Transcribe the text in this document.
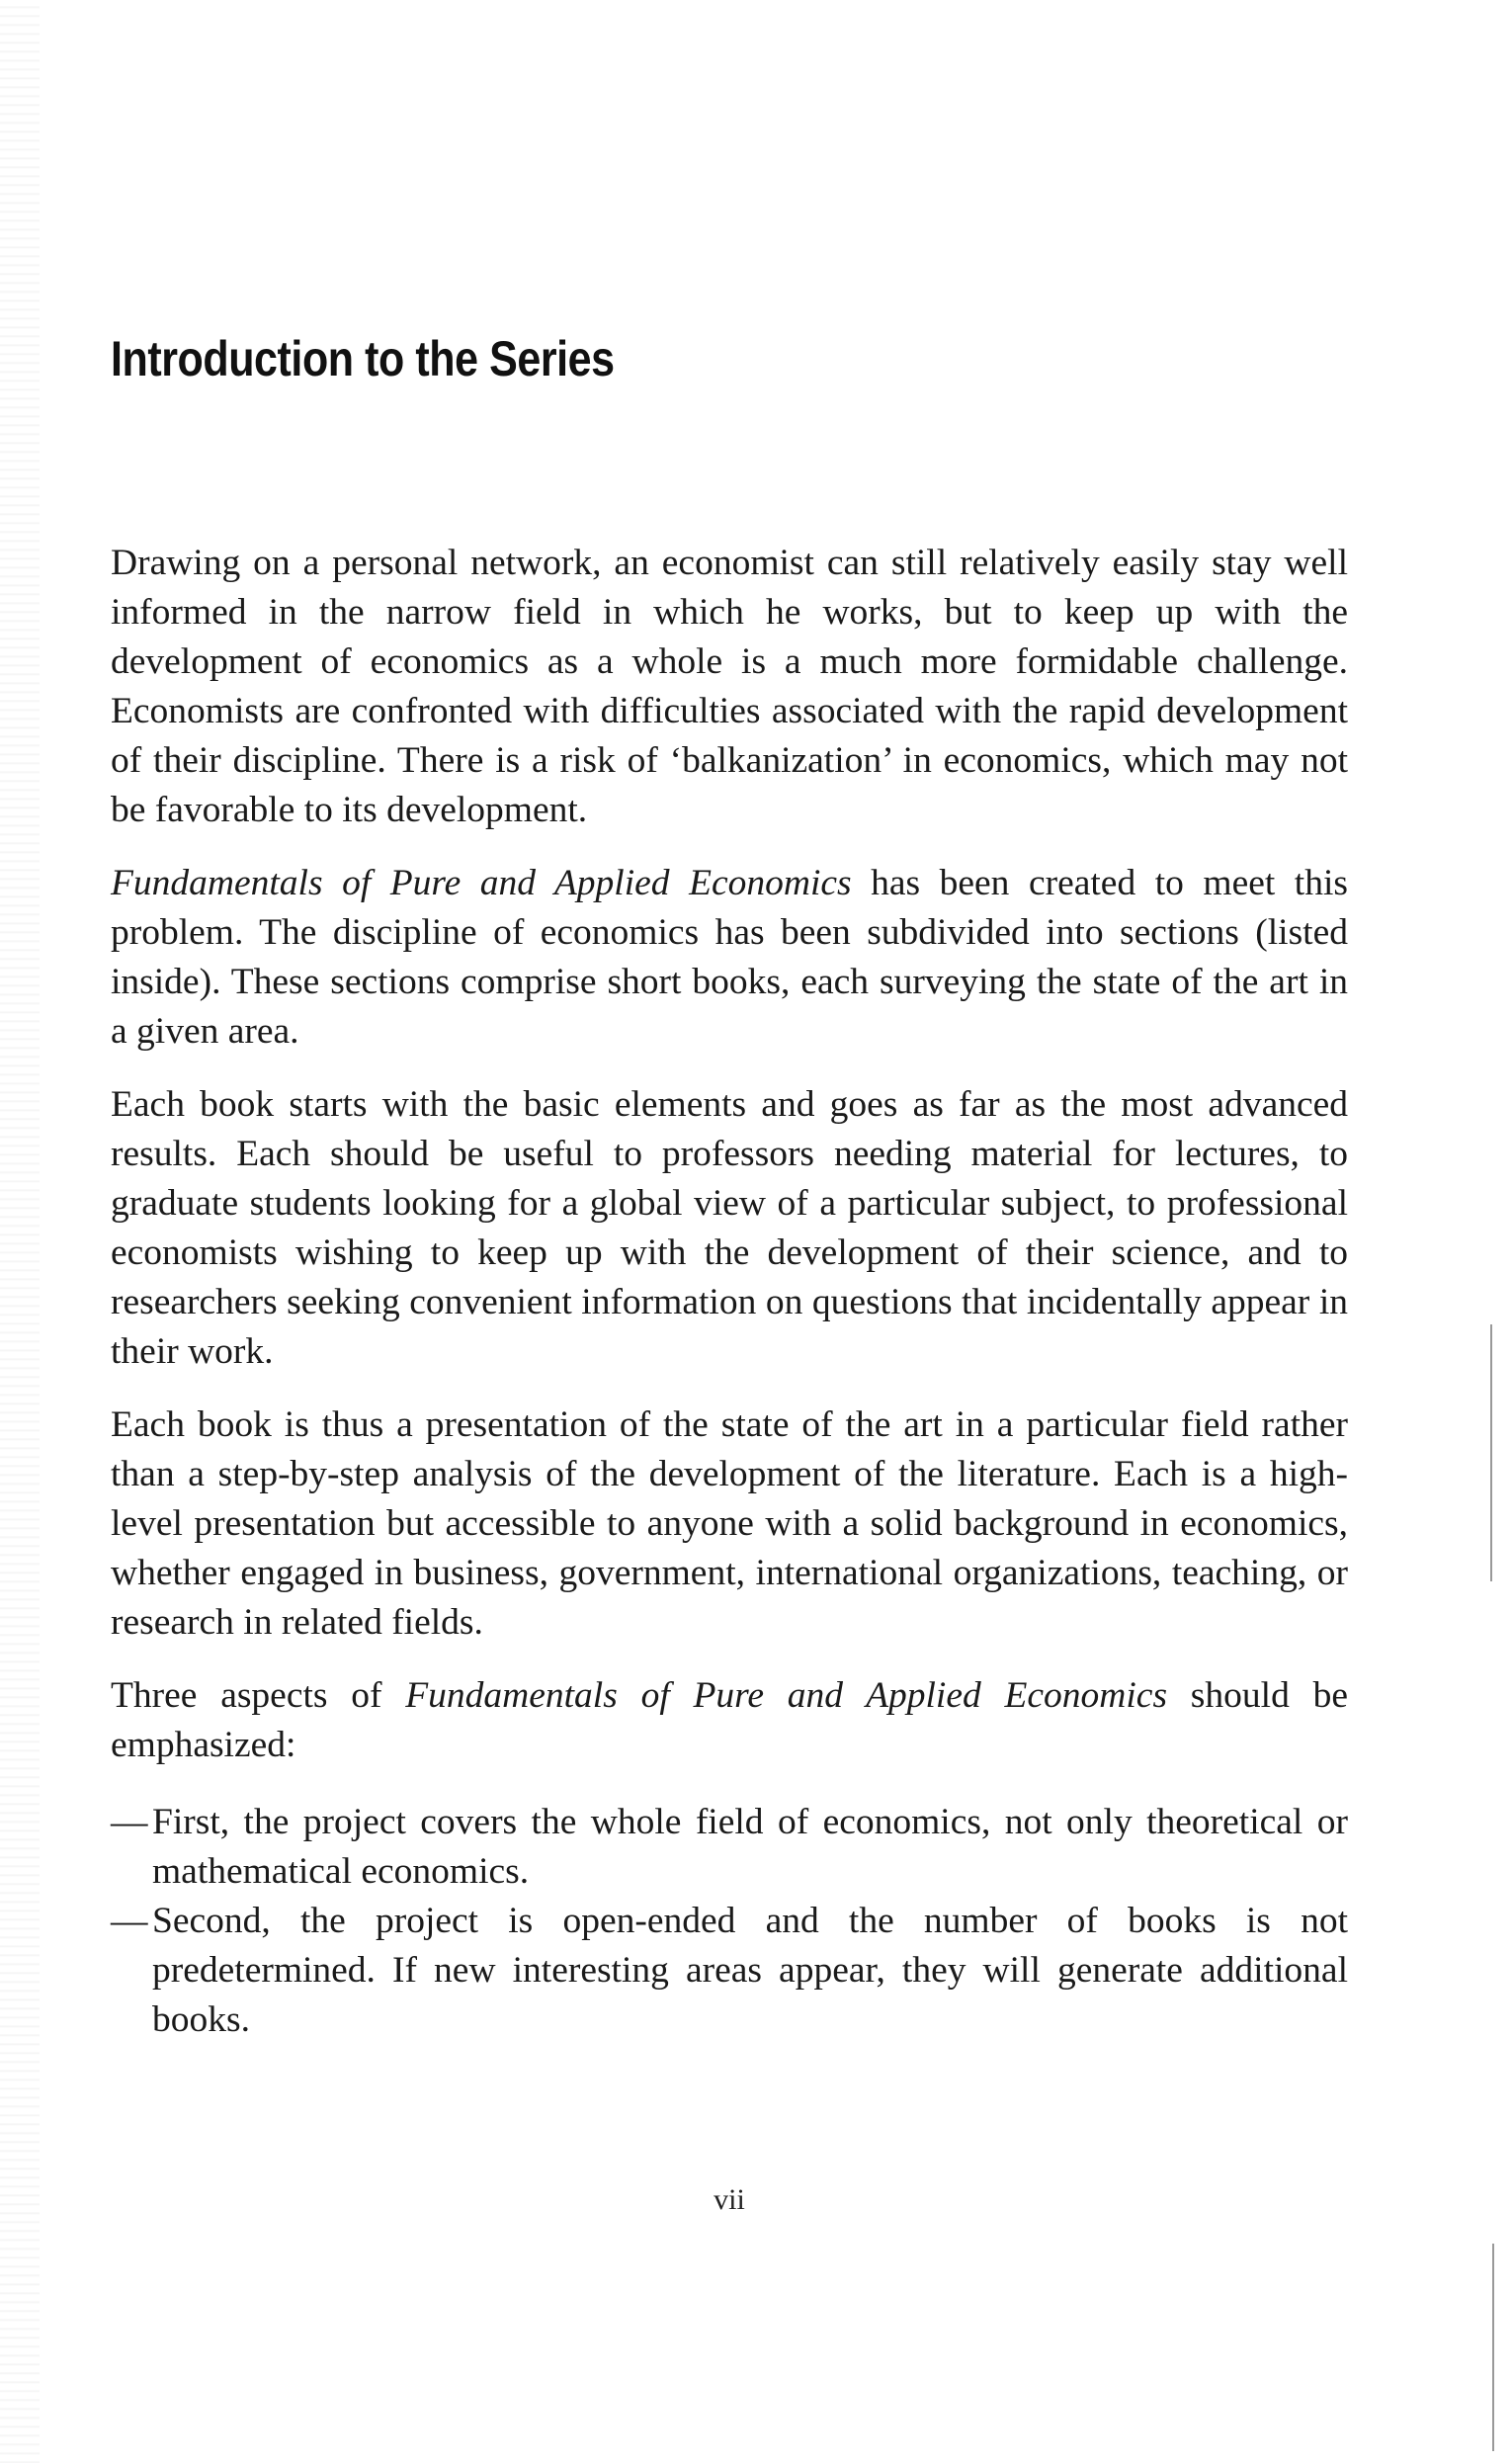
Introduction to the Series

Drawing on a personal network, an economist can still relatively easily stay well informed in the narrow field in which he works, but to keep up with the development of economics as a whole is a much more formidable challenge. Economists are confronted with difficulties associated with the rapid development of their discipline. There is a risk of ‘balkanization’ in economics, which may not be favorable to its development.

Fundamentals of Pure and Applied Economics has been created to meet this problem. The discipline of economics has been subdivided into sections (listed inside). These sections comprise short books, each surveying the state of the art in a given area.

Each book starts with the basic elements and goes as far as the most advanced results. Each should be useful to professors needing material for lectures, to graduate students looking for a global view of a particular subject, to professional economists wishing to keep up with the development of their science, and to researchers seeking convenient information on questions that incidentally appear in their work.

Each book is thus a presentation of the state of the art in a particular field rather than a step-by-step analysis of the development of the literature. Each is a high-level presentation but accessible to anyone with a solid background in economics, whether engaged in business, government, international organizations, teaching, or research in related fields.

Three aspects of Fundamentals of Pure and Applied Economics should be emphasized:

— First, the project covers the whole field of economics, not only theoretical or mathematical economics.
— Second, the project is open-ended and the number of books is not predetermined. If new interesting areas appear, they will generate additional books.
vii
